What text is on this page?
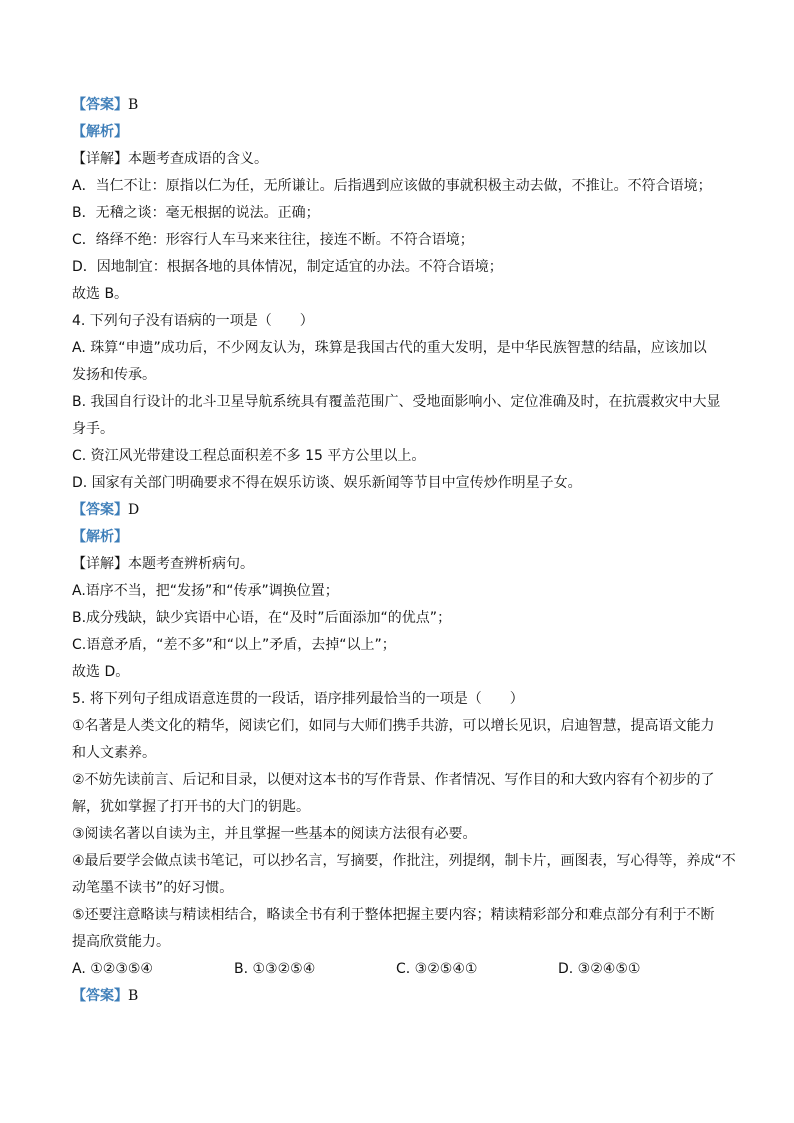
【答案】B
【解析】
【详解】本题考查成语的含义。
A．当仁不让：原指以仁为任，无所谦让。后指遇到应该做的事就积极主动去做，不推让。不符合语境；
B．无稽之谈：毫无根据的说法。正确；
C．络绎不绝：形容行人车马来来往往，接连不断。不符合语境；
D．因地制宜：根据各地的具体情况，制定适宜的办法。不符合语境；
故选 B。
4. 下列句子没有语病的一项是（　　）
A. 珠算“申遗”成功后，不少网友认为，珠算是我国古代的重大发明，是中华民族智慧的结晶，应该加以
发扬和传承。
B. 我国自行设计的北斗卫星导航系统具有覆盖范围广、受地面影响小、定位准确及时，在抗震救灾中大显
身手。
C. 资江风光带建设工程总面积差不多 15 平方公里以上。
D. 国家有关部门明确要求不得在娱乐访谈、娱乐新闻等节目中宣传炒作明星子女。
【答案】D
【解析】
【详解】本题考查辨析病句。
A.语序不当，把“发扬”和“传承”调换位置；
B.成分残缺，缺少宾语中心语，在“及时”后面添加“的优点”；
C.语意矛盾，“差不多”和“以上”矛盾，去掉“以上”；
故选 D。
5. 将下列句子组成语意连贯的一段话，语序排列最恰当的一项是（　　）
①名著是人类文化的精华，阅读它们，如同与大师们携手共游，可以增长见识，启迪智慧，提高语文能力
和人文素养。
②不妨先读前言、后记和目录，以便对这本书的写作背景、作者情况、写作目的和大致内容有个初步的了
解，犹如掌握了打开书的大门的钥匙。
③阅读名著以自读为主，并且掌握一些基本的阅读方法很有必要。
④最后要学会做点读书笔记，可以抄名言，写摘要，作批注，列提纲，制卡片，画图表，写心得等，养成“不
动笔墨不读书”的好习惯。
⑤还要注意略读与精读相结合，略读全书有利于整体把握主要内容；精读精彩部分和难点部分有利于不断
提高欣赏能力。
A. ①②③⑤④	B. ①③②⑤④	C. ③②⑤④①	D. ③②④⑤①
【答案】B
